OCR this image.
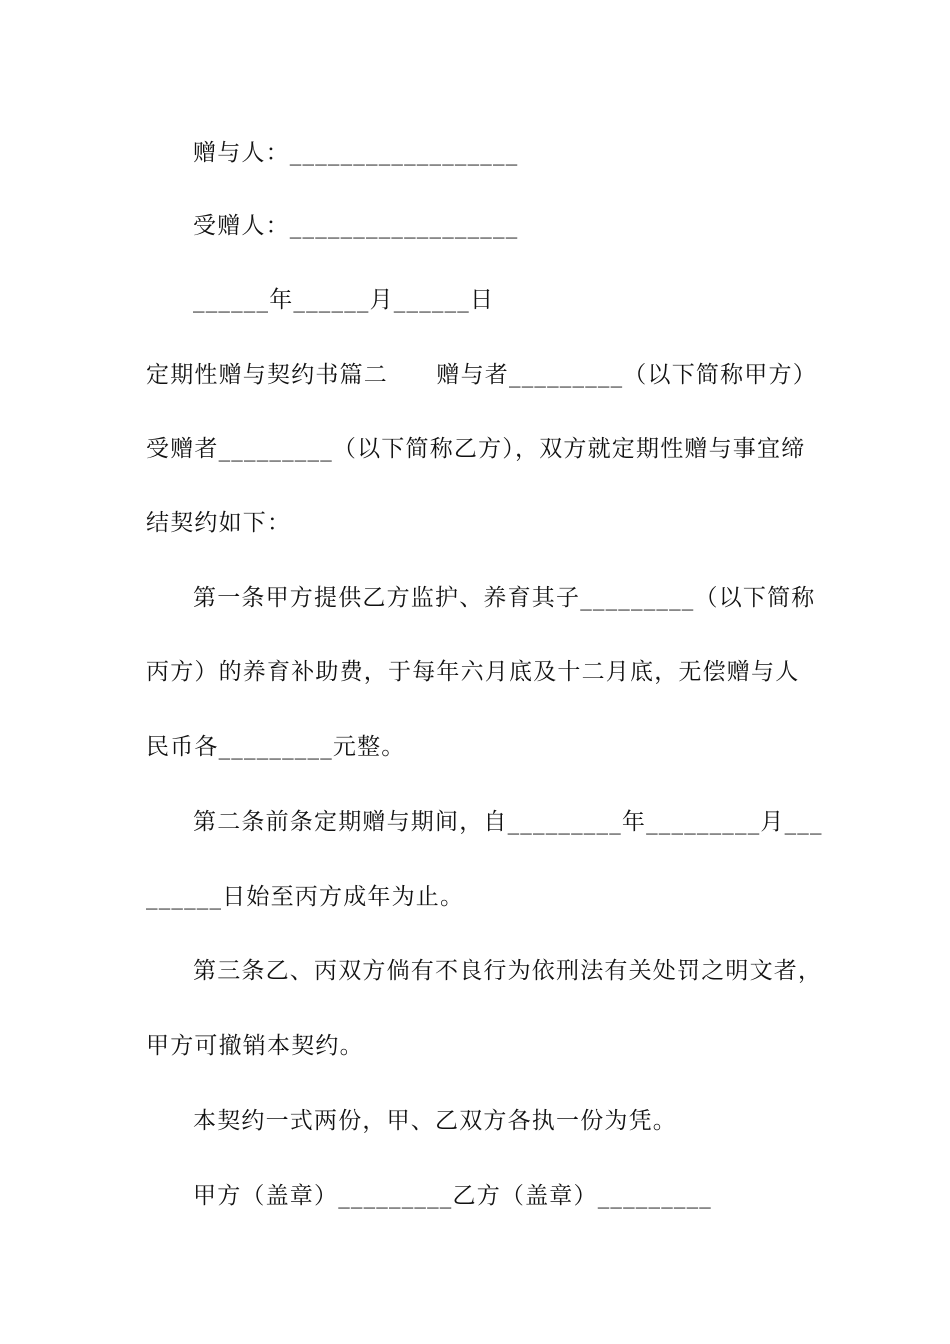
赠与人：__________________
受赠人：__________________
______年______月______日
定期性赠与契约书篇二　　赠与者_________（以下简称甲方）
受赠者_________（以下简称乙方），双方就定期性赠与事宜缔
结契约如下：
第一条甲方提供乙方监护、养育其子_________（以下简称
丙方）的养育补助费，于每年六月底及十二月底，无偿赠与人
民币各_________元整。
第二条前条定期赠与期间，自_________年_________月___
______日始至丙方成年为止。
第三条乙、丙双方倘有不良行为依刑法有关处罚之明文者，
甲方可撤销本契约。
本契约一式两份，甲、乙双方各执一份为凭。
甲方（盖章）_________乙方（盖章）_________
